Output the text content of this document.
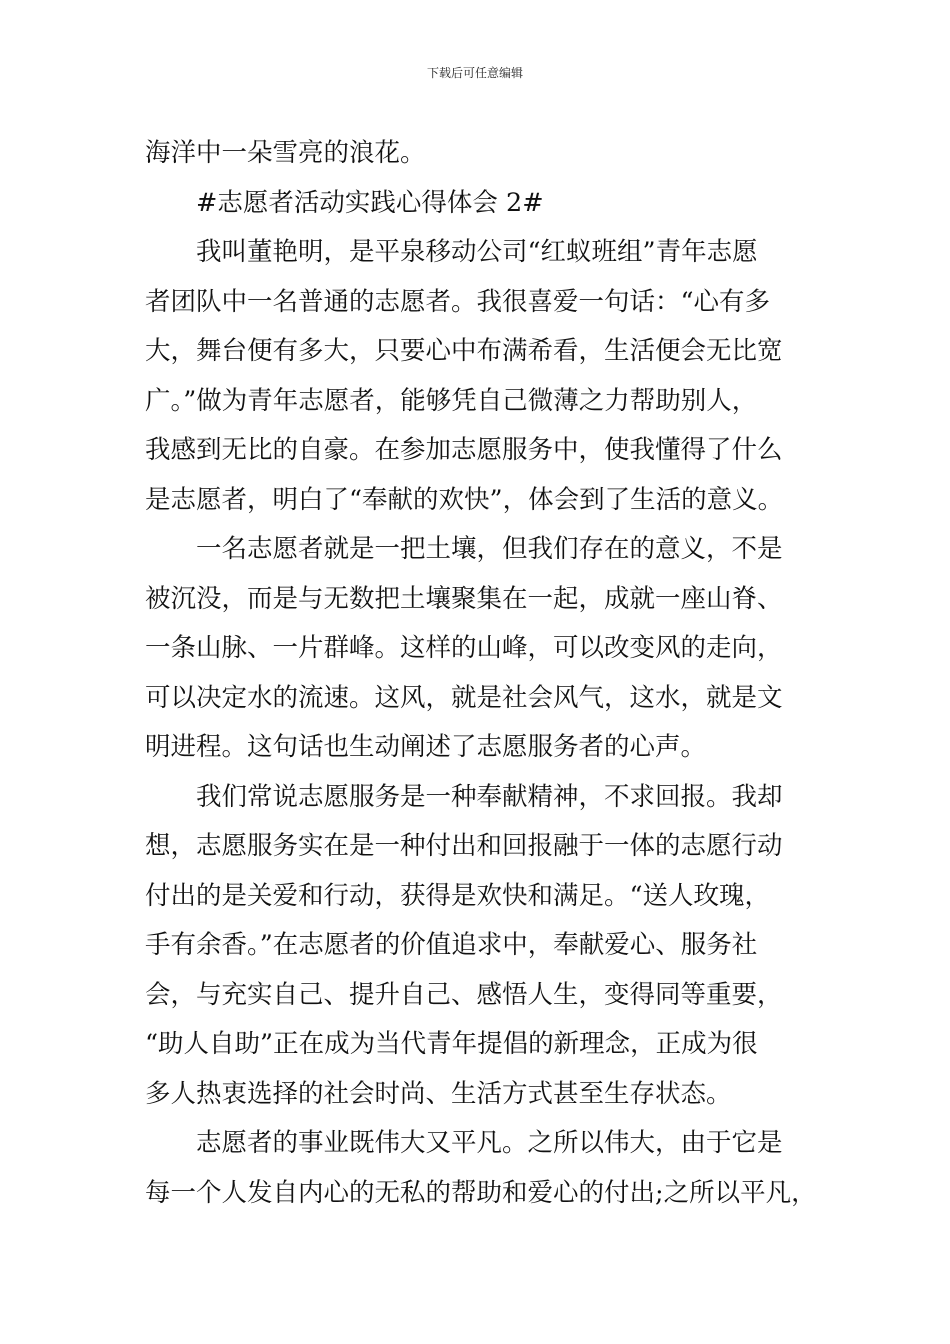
下载后可任意编辑
海洋中一朵雪亮的浪花。
　　#志愿者活动实践心得体会 2#
　　我叫董艳明，是平泉移动公司“红蚁班组”青年志愿
者团队中一名普通的志愿者。我很喜爱一句话：“心有多
大，舞台便有多大，只要心中布满希看，生活便会无比宽
广。”做为青年志愿者，能够凭自己微薄之力帮助别人，
我感到无比的自豪。在参加志愿服务中，使我懂得了什么
是志愿者，明白了“奉献的欢快”，体会到了生活的意义。
　　一名志愿者就是一把土壤，但我们存在的意义，不是
被沉没，而是与无数把土壤聚集在一起，成就一座山脊、
一条山脉、一片群峰。这样的山峰，可以改变风的走向，
可以决定水的流速。这风，就是社会风气，这水，就是文
明进程。这句话也生动阐述了志愿服务者的心声。
　　我们常说志愿服务是一种奉献精神，不求回报。我却
想，志愿服务实在是一种付出和回报融于一体的志愿行动
付出的是关爱和行动，获得是欢快和满足。“送人玫瑰，
手有余香。”在志愿者的价值追求中，奉献爱心、服务社
会，与充实自己、提升自己、感悟人生，变得同等重要，
“助人自助”正在成为当代青年提倡的新理念，正成为很
多人热衷选择的社会时尚、生活方式甚至生存状态。
　　志愿者的事业既伟大又平凡。之所以伟大，由于它是
每一个人发自内心的无私的帮助和爱心的付出;之所以平凡，
